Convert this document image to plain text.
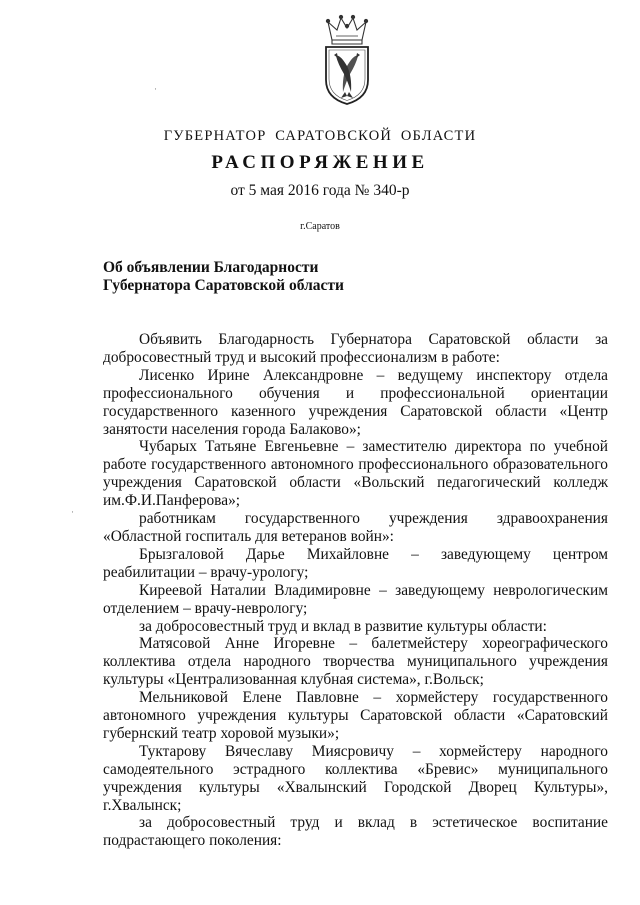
ГУБЕРНАТОР САРАТОВСКОЙ ОБЛАСТИ
РАСПОРЯЖЕНИЕ
от 5 мая 2016 года № 340-р
г.Саратов
Об объявлении Благодарности
Губернатора Саратовской области

Объявить Благодарность Губернатора Саратовской области за добросовестный труд и высокий профессионализм в работе:

Лисенко Ирине Александровне – ведущему инспектору отдела профессионального обучения и профессиональной ориентации государственного казенного учреждения Саратовской области «Центр занятости населения города Балаково»;

Чубарых Татьяне Евгеньевне – заместителю директора по учебной работе государственного автономного профессионального образовательного учреждения Саратовской области «Вольский педагогический колледж им.Ф.И.Панферова»;

работникам государственного учреждения здравоохранения «Областной госпиталь для ветеранов войн»:

Брызгаловой Дарье Михайловне – заведующему центром реабилитации – врачу-урологу;

Киреевой Наталии Владимировне – заведующему неврологическим отделением – врачу-неврологу;

за добросовестный труд и вклад в развитие культуры области:

Матясовой Анне Игоревне – балетмейстеру хореографического коллектива отдела народного творчества муниципального учреждения культуры «Централизованная клубная система», г.Вольск;

Мельниковой Елене Павловне – хормейстеру государственного автономного учреждения культуры Саратовской области «Саратовский губернский театр хоровой музыки»;

Туктарову Вячеславу Миясровичу – хормейстеру народного самодеятельного эстрадного коллектива «Бревис» муниципального учреждения культуры «Хвалынский Городской Дворец Культуры», г.Хвалынск;

за добросовестный труд и вклад в эстетическое воспитание подрастающего поколения:

·
·
